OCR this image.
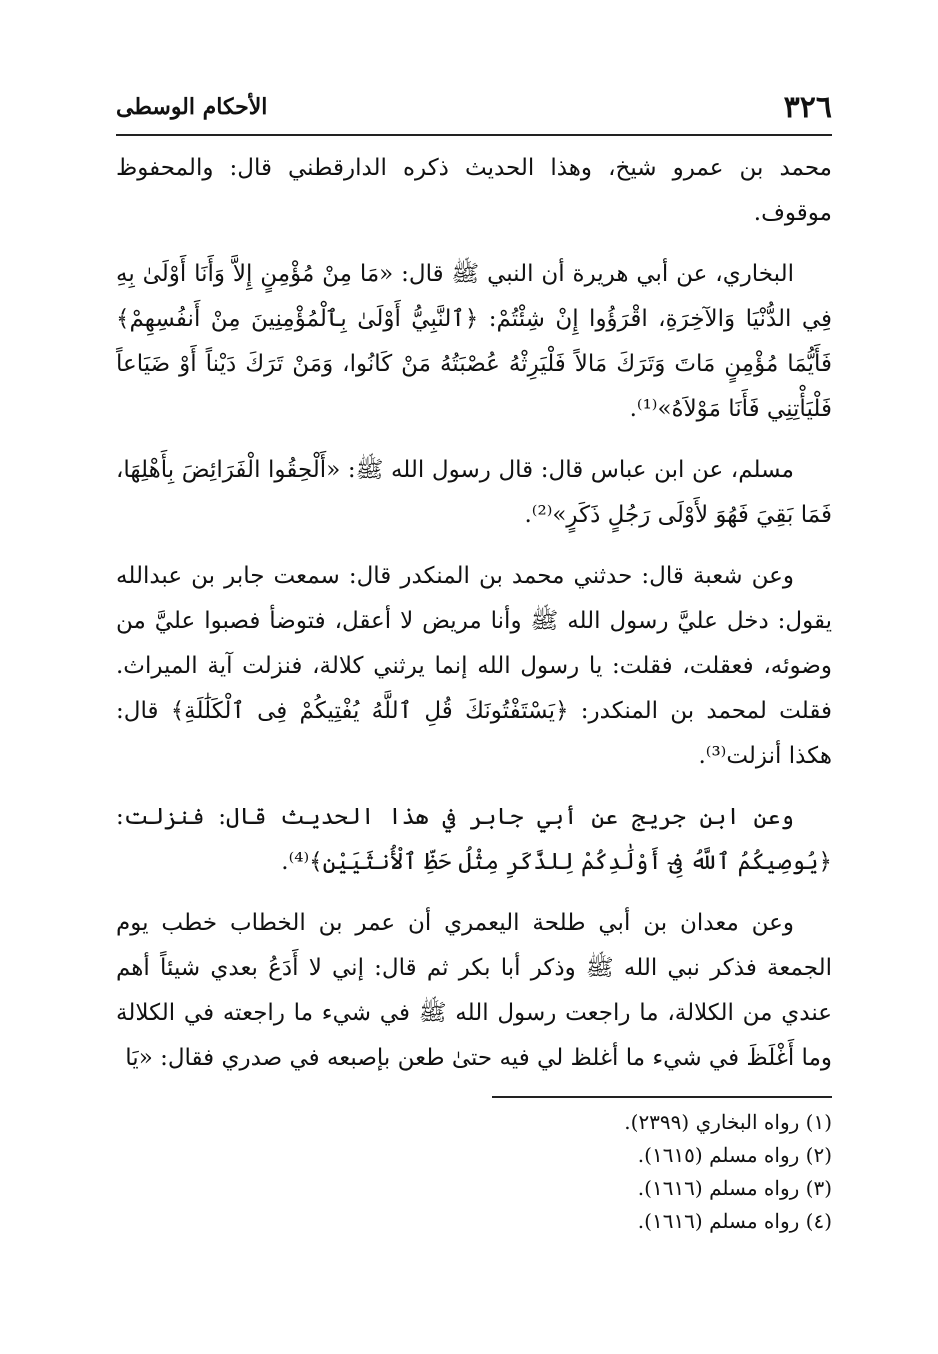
٣٢٦
الأحكام الوسطى

محمد بن عمرو شيخ، وهذا الحديث ذكره الدارقطني قال: والمحفوظ موقوف.

البخاري، عن أبي هريرة أن النبي ﷺ قال: «مَا مِنْ مُؤْمِنٍ إِلاَّ وَأَنَا أَوْلَىٰ بِهِ فِي الدُّنْيَا وَالآخِرَةِ، اقْرَؤُوا إِنْ شِئْتُمْ: ﴿ٱلنَّبِيُّ أَوْلَىٰ بِٱلْمُؤْمِنِينَ مِنْ أَنفُسِهِمْ﴾ فَأَيُّمَا مُؤْمِنٍ مَاتَ وَتَرَكَ مَالاً فَلْيَرِثْهُ عُصْبَتُهُ مَنْ كَانُوا، وَمَنْ تَرَكَ دَيْناً أَوْ ضَيَاعاً فَلْيَأْتِنِي فَأَنَا مَوْلاَهُ»⁽¹⁾.

مسلم، عن ابن عباس قال: قال رسول الله ﷺ: «أَلْحِقُوا الْفَرَائِضَ بِأَهْلِهَا، فَمَا بَقِيَ فَهُوَ لأَوْلَى رَجُلٍ ذَكَرٍ»⁽²⁾.

وعن شعبة قال: حدثني محمد بن المنكدر قال: سمعت جابر بن عبدالله يقول: دخل عليَّ رسول الله ﷺ وأنا مريض لا أعقل، فتوضأ فصبوا عليَّ من وضوئه، فعقلت، فقلت: يا رسول الله إنما يرثني كلالة، فنزلت آية الميراث. فقلت لمحمد بن المنكدر: ﴿يَسْتَفْتُونَكَ قُلِ ٱللَّهُ يُفْتِيكُمْ فِى ٱلْكَلَٰلَةِ﴾ قال: هكذا أنزلت⁽³⁾.

وعن ابن جريج عن أبي جابر في هذا الحديث قال: فنزلت: ﴿يُوصِيكُمُ ٱللَّهُ فِىٓ أَوْلَٰدِكُمْ لِلذَّكَرِ مِثْلُ حَظِّ ٱلْأُنثَيَيْنِ﴾⁽⁴⁾.

وعن معدان بن أبي طلحة اليعمري أن عمر بن الخطاب خطب يوم الجمعة فذكر نبي الله ﷺ وذكر أبا بكر ثم قال: إني لا أَدَعُ بعدي شيئاً أهم عندي من الكلالة، ما راجعت رسول الله ﷺ في شيء ما راجعته في الكلالة وما أَغْلَظَ في شيء ما أغلظ لي فيه حتىٰ طعن بإصبعه في صدري فقال: «يَا

(١) رواه البخاري (٢٣٩٩).

(٢) رواه مسلم (١٦١٥).

(٣) رواه مسلم (١٦١٦).

(٤) رواه مسلم (١٦١٦).
